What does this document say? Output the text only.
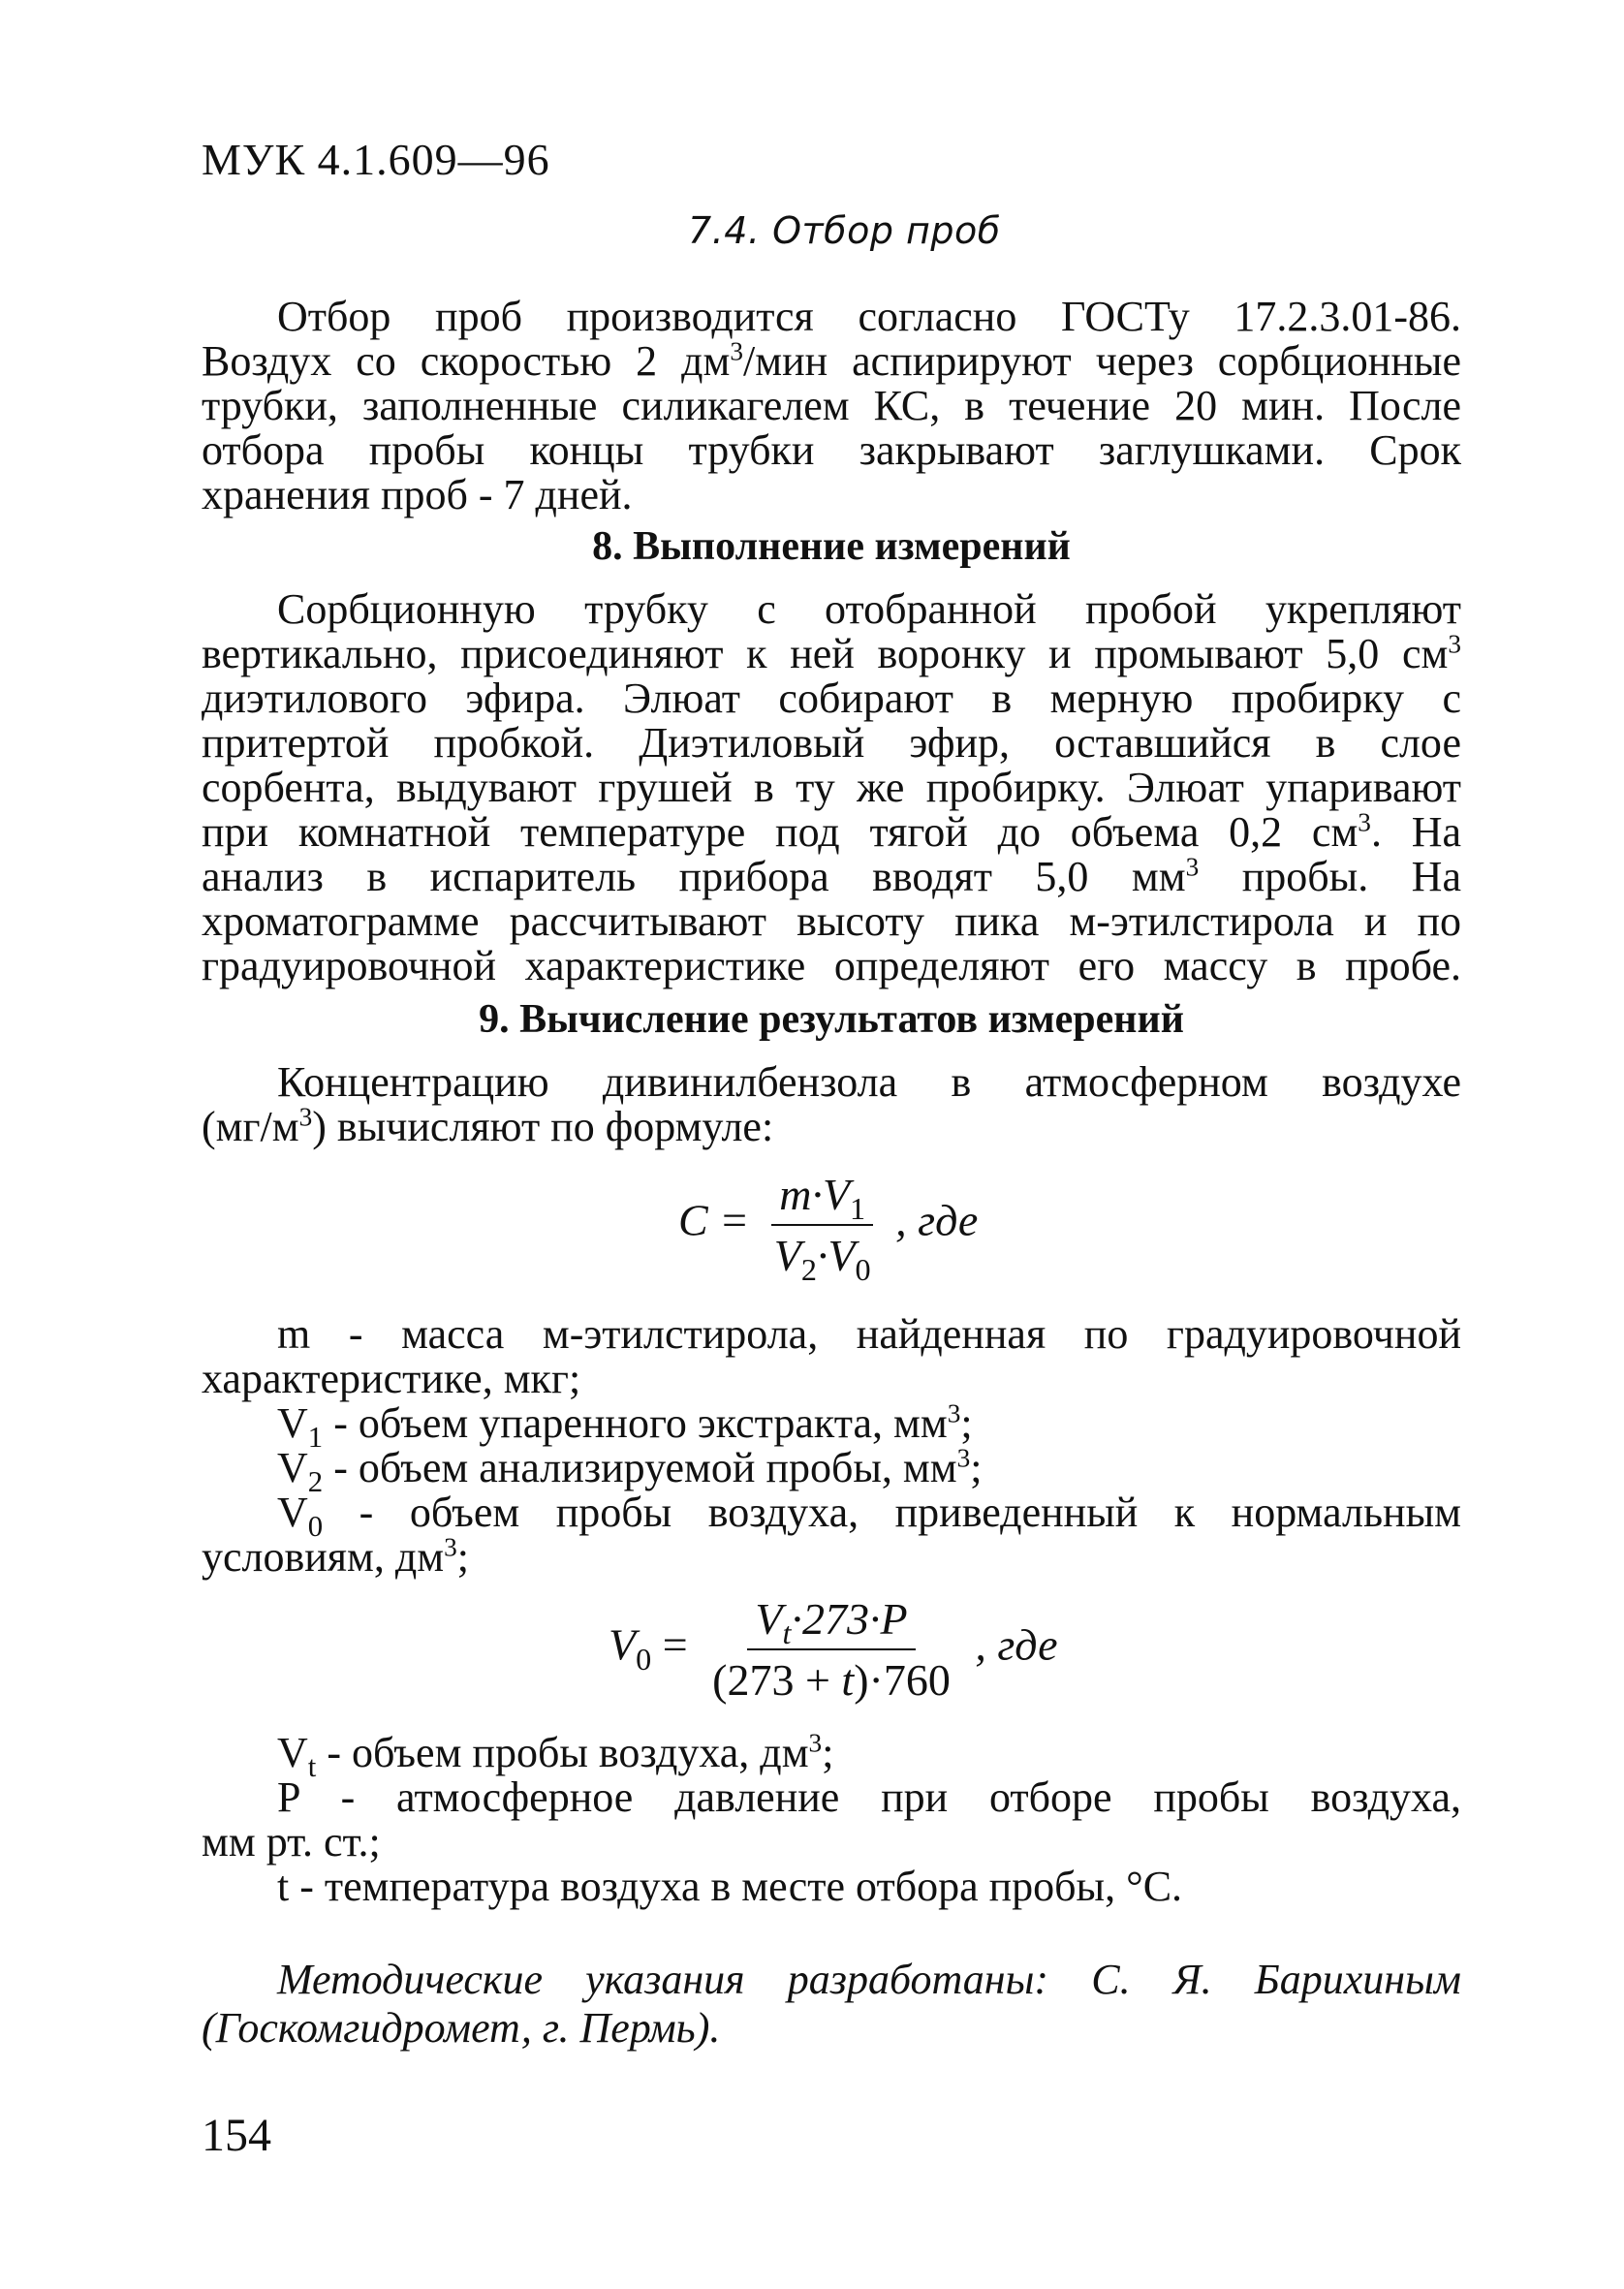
МУК 4.1.609—96
7.4. Отбор проб
Отбор проб производится согласно ГОСТу 17.2.3.01-86.
Воздух со скоростью 2 $дм^3$/мин аспирируют через сорбционные
трубки, заполненные силикагелем КС, в течение 20 мин. После
отбора пробы концы трубки закрывают заглушками. Срок
хранения проб - 7 дней.
8. Выполнение измерений
Сорбционную трубку с отобранной пробой укрепляют
вертикально, присоединяют к ней воронку и промывают 5,0 $см^3$
диэтилового эфира. Элюат собирают в мерную пробирку с
притертой пробкой. Диэтиловый эфир, оставшийся в слое
сорбента, выдувают грушей в ту же пробирку. Элюат упаривают
при комнатной температуре под тягой до объема 0,2 $см^3$. На
анализ в испаритель прибора вводят 5,0 $мм^3$ пробы. На
хроматограмме рассчитывают высоту пика м-этилстирола и по
градуировочной характеристике определяют его массу в пробе.
9. Вычисление результатов измерений
Концентрацию дивинилбензола в атмосферном воздухе
$(мг/м^3)$ вычисляют по формуле:
$C = \frac{m\cdot V_1}{V_2\cdot V_0}$ , где
m - масса м-этилстирола, найденная по градуировочной
характеристике, мкг;
$V_1$ - объем упаренного экстракта, $мм^3$;
$V_2$ - объем анализируемой пробы, $мм^3$;
$V_0$ - объем пробы воздуха, приведенный к нормальным
условиям, $дм^3$;
$V_0 = \frac{V_t\cdot 273\cdot P}{(273 + t)\cdot 760}$ , где
$V_t$ - объем пробы воздуха, $дм^3$;
P - атмосферное давление при отборе пробы воздуха,
мм рт. ст.;
t - температура воздуха в месте отбора пробы, °C.
Методические указания разработаны: С. Я. Барихиным (Госкомгидромет, г. Пермь).
154
